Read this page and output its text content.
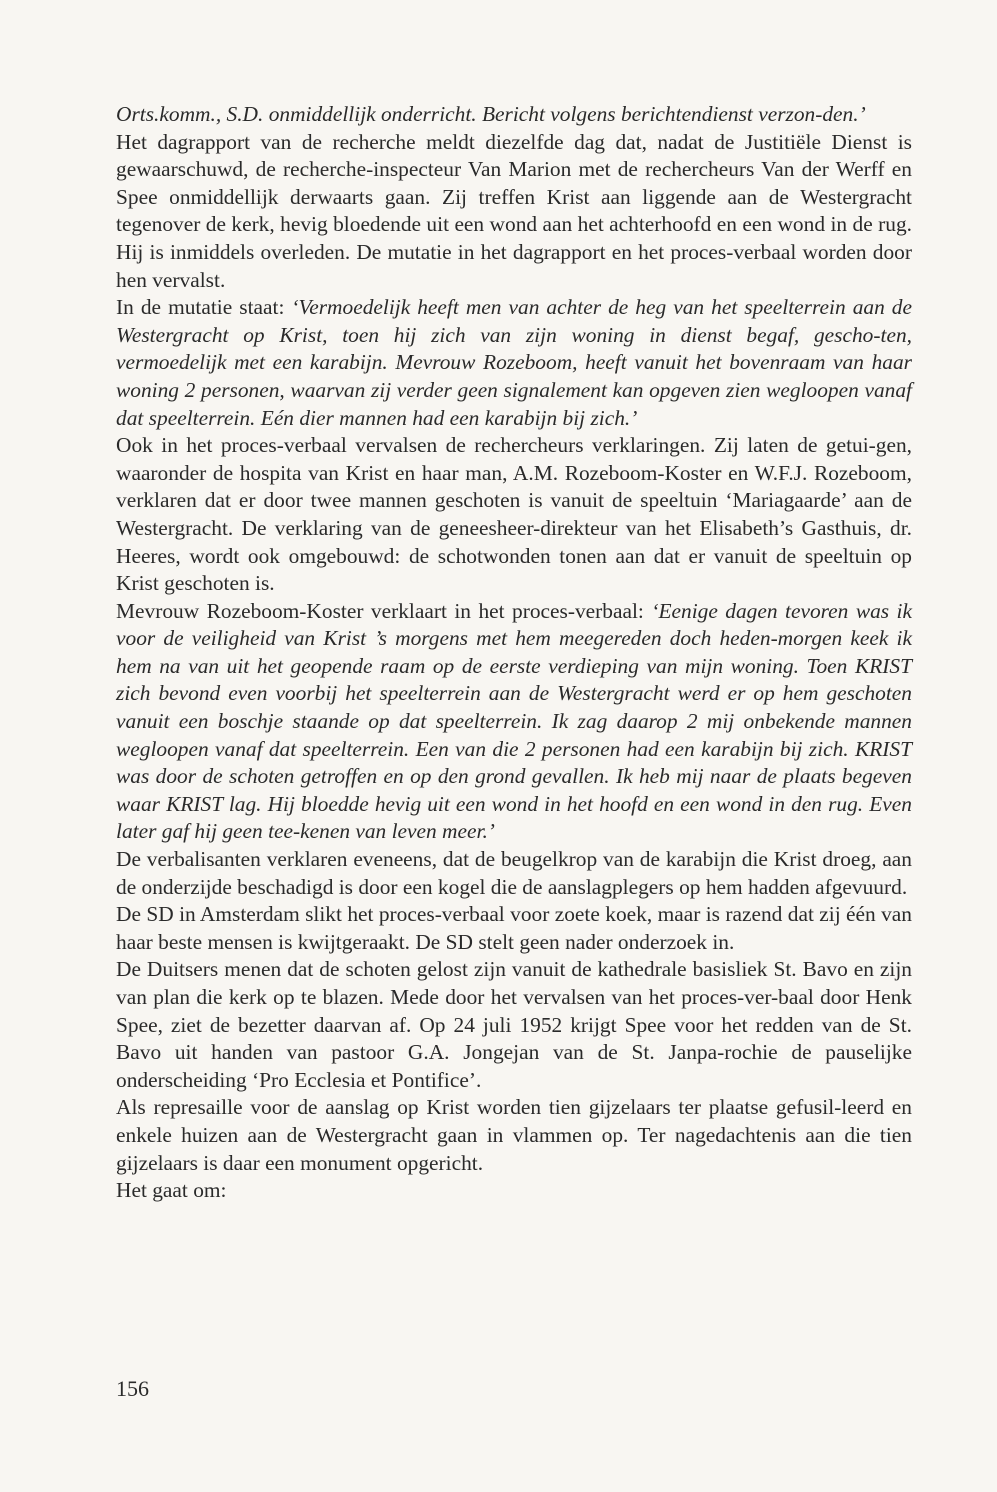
Orts.komm., S.D. onmiddellijk onderricht. Bericht volgens berichtendienst verzon-den.’

Het dagrapport van de recherche meldt diezelfde dag dat, nadat de Justitiële Dienst is gewaarschuwd, de recherche-inspecteur Van Marion met de rechercheurs Van der Werff en Spee onmiddellijk derwaarts gaan. Zij treffen Krist aan liggende aan de Westergracht tegenover de kerk, hevig bloedende uit een wond aan het achterhoofd en een wond in de rug. Hij is inmiddels overleden. De mutatie in het dagrapport en het proces-verbaal worden door hen vervalst.

In de mutatie staat: ‘Vermoedelijk heeft men van achter de heg van het speelterrein aan de Westergracht op Krist, toen hij zich van zijn woning in dienst begaf, gescho-ten, vermoedelijk met een karabijn. Mevrouw Rozeboom, heeft vanuit het bovenraam van haar woning 2 personen, waarvan zij verder geen signalement kan opgeven zien wegloopen vanaf dat speelterrein. Eén dier mannen had een karabijn bij zich.’

Ook in het proces-verbaal vervalsen de rechercheurs verklaringen. Zij laten de getui-gen, waaronder de hospita van Krist en haar man, A.M. Rozeboom-Koster en W.F.J. Rozeboom, verklaren dat er door twee mannen geschoten is vanuit de speeltuin ‘Mariagaarde’ aan de Westergracht. De verklaring van de geneesheer-direkteur van het Elisabeth’s Gasthuis, dr. Heeres, wordt ook omgebouwd: de schotwonden tonen aan dat er vanuit de speeltuin op Krist geschoten is.

Mevrouw Rozeboom-Koster verklaart in het proces-verbaal: ‘Eenige dagen tevoren was ik voor de veiligheid van Krist ’s morgens met hem meegereden doch heden-morgen keek ik hem na van uit het geopende raam op de eerste verdieping van mijn woning. Toen KRIST zich bevond even voorbij het speelterrein aan de Westergracht werd er op hem geschoten vanuit een boschje staande op dat speelterrein. Ik zag daarop 2 mij onbekende mannen wegloopen vanaf dat speelterrein. Een van die 2 personen had een karabijn bij zich. KRIST was door de schoten getroffen en op den grond gevallen. Ik heb mij naar de plaats begeven waar KRIST lag. Hij bloedde hevig uit een wond in het hoofd en een wond in den rug. Even later gaf hij geen tee-kenen van leven meer.’

De verbalisanten verklaren eveneens, dat de beugelkrop van de karabijn die Krist droeg, aan de onderzijde beschadigd is door een kogel die de aanslagplegers op hem hadden afgevuurd.

De SD in Amsterdam slikt het proces-verbaal voor zoete koek, maar is razend dat zij één van haar beste mensen is kwijtgeraakt. De SD stelt geen nader onderzoek in.

De Duitsers menen dat de schoten gelost zijn vanuit de kathedrale basisliek St. Bavo en zijn van plan die kerk op te blazen. Mede door het vervalsen van het proces-ver-baal door Henk Spee, ziet de bezetter daarvan af. Op 24 juli 1952 krijgt Spee voor het redden van de St. Bavo uit handen van pastoor G.A. Jongejan van de St. Janpa-rochie de pauselijke onderscheiding ‘Pro Ecclesia et Pontifice’.

Als represaille voor de aanslag op Krist worden tien gijzelaars ter plaatse gefusil-leerd en enkele huizen aan de Westergracht gaan in vlammen op. Ter nagedachtenis aan die tien gijzelaars is daar een monument opgericht.

Het gaat om:

156
